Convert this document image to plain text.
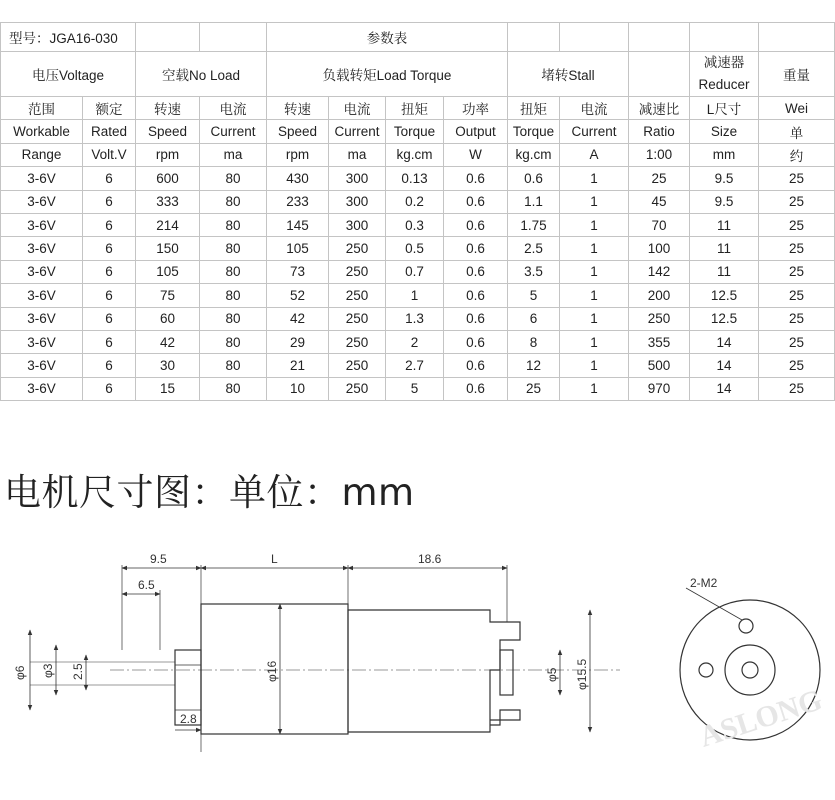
型号：JGA16-030				参数表								
电压Voltage		空载No Load		负载转矩Load Torque				堵转Stall			减速器Reducer	重量
范围	额定	转速	电流	转速	电流	扭矩	功率	扭矩	电流	减速比	L尺寸	Wei
Workable	Rated	Speed	Current	Speed	Current	Torque	Output	Torque	Current	Ratio	Size	单
Range	Volt.V	rpm	ma	rpm	ma	kg.cm	W	kg.cm	A	1:00	mm	约
3-6V	6	600	80	430	300	0.13	0.6	0.6	1	25	9.5	25
3-6V	6	333	80	233	300	0.2	0.6	1.1	1	45	9.5	25
3-6V	6	214	80	145	300	0.3	0.6	1.75	1	70	11	25
3-6V	6	150	80	105	250	0.5	0.6	2.5	1	100	11	25
3-6V	6	105	80	73	250	0.7	0.6	3.5	1	142	11	25
3-6V	6	75	80	52	250	1	0.6	5	1	200	12.5	25
3-6V	6	60	80	42	250	1.3	0.6	6	1	250	12.5	25
3-6V	6	42	80	29	250	2	0.6	8	1	355	14	25
3-6V	6	30	80	21	250	2.7	0.6	12	1	500	14	25
3-6V	6	15	80	10	250	5	0.6	25	1	970	14	25
电机尺寸图：单位：mm
9.5
6.5
L	18.6
2.8
2-M2
φ6 φ3 2.5	φ16	φ5 φ15.5
ASLONG
